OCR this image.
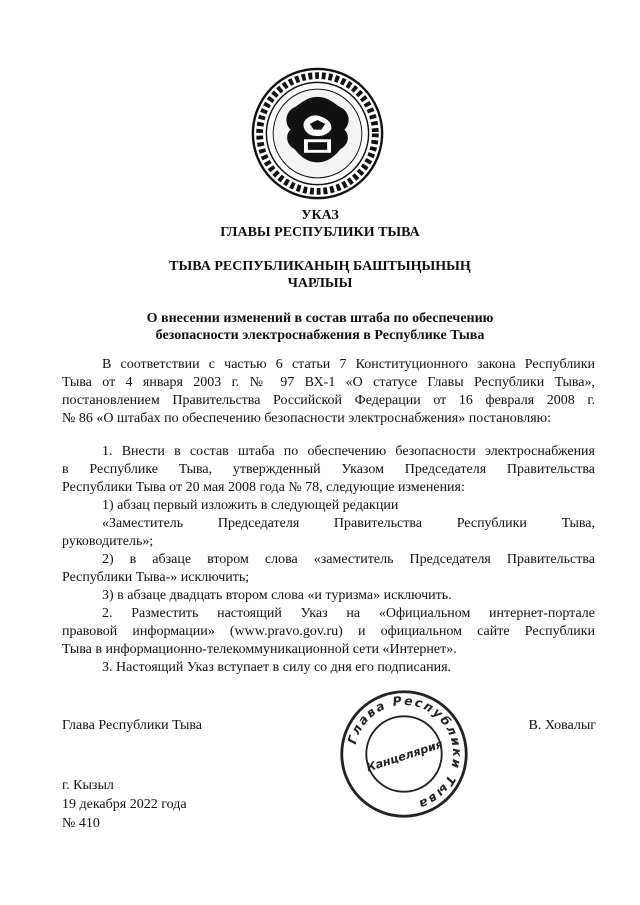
УКАЗ
ГЛАВЫ РЕСПУБЛИКИ ТЫВА
ТЫВА РЕСПУБЛИКАНЫҢ БАШТЫҢЫНЫҢ
ЧАРЛЫЫ
О внесении изменений в состав штаба по обеспечению
безопасности электроснабжения в Республике Тыва

В соответствии с частью 6 статьи 7 Конституционного закона Республики

Тыва от 4 января 2003 г. № 97 ВХ-1 «О статусе Главы Республики Тыва»,

постановлением Правительства Российской Федерации от 16 февраля 2008 г.

№ 86 «О штабах по обеспечению безопасности электроснабжения» постановляю:

1. Внести в состав штаба по обеспечению безопасности электроснабжения

в Республике Тыва, утвержденный Указом Председателя Правительства

Республики Тыва от 20 мая 2008 года № 78, следующие изменения:

1) абзац первый изложить в следующей редакции

«Заместитель Председателя Правительства Республики Тыва,

руководитель»;

2) в абзаце втором слова «заместитель Председателя Правительства

Республики Тыва-» исключить;

3) в абзаце двадцать втором слова «и туризма» исключить.

2. Разместить настоящий Указ на «Официальном интернет-портале

правовой информации» (www.pravo.gov.ru) и официальном сайте Республики

Тыва в информационно-телекоммуникационной сети «Интернет».

3. Настоящий Указ вступает в силу со дня его подписания.

Глава Республики Тыва	В. Ховалыг
г. Кызыл
19 декабря 2022 года
№ 410
Глава Республики Тыва
Канцелярия
